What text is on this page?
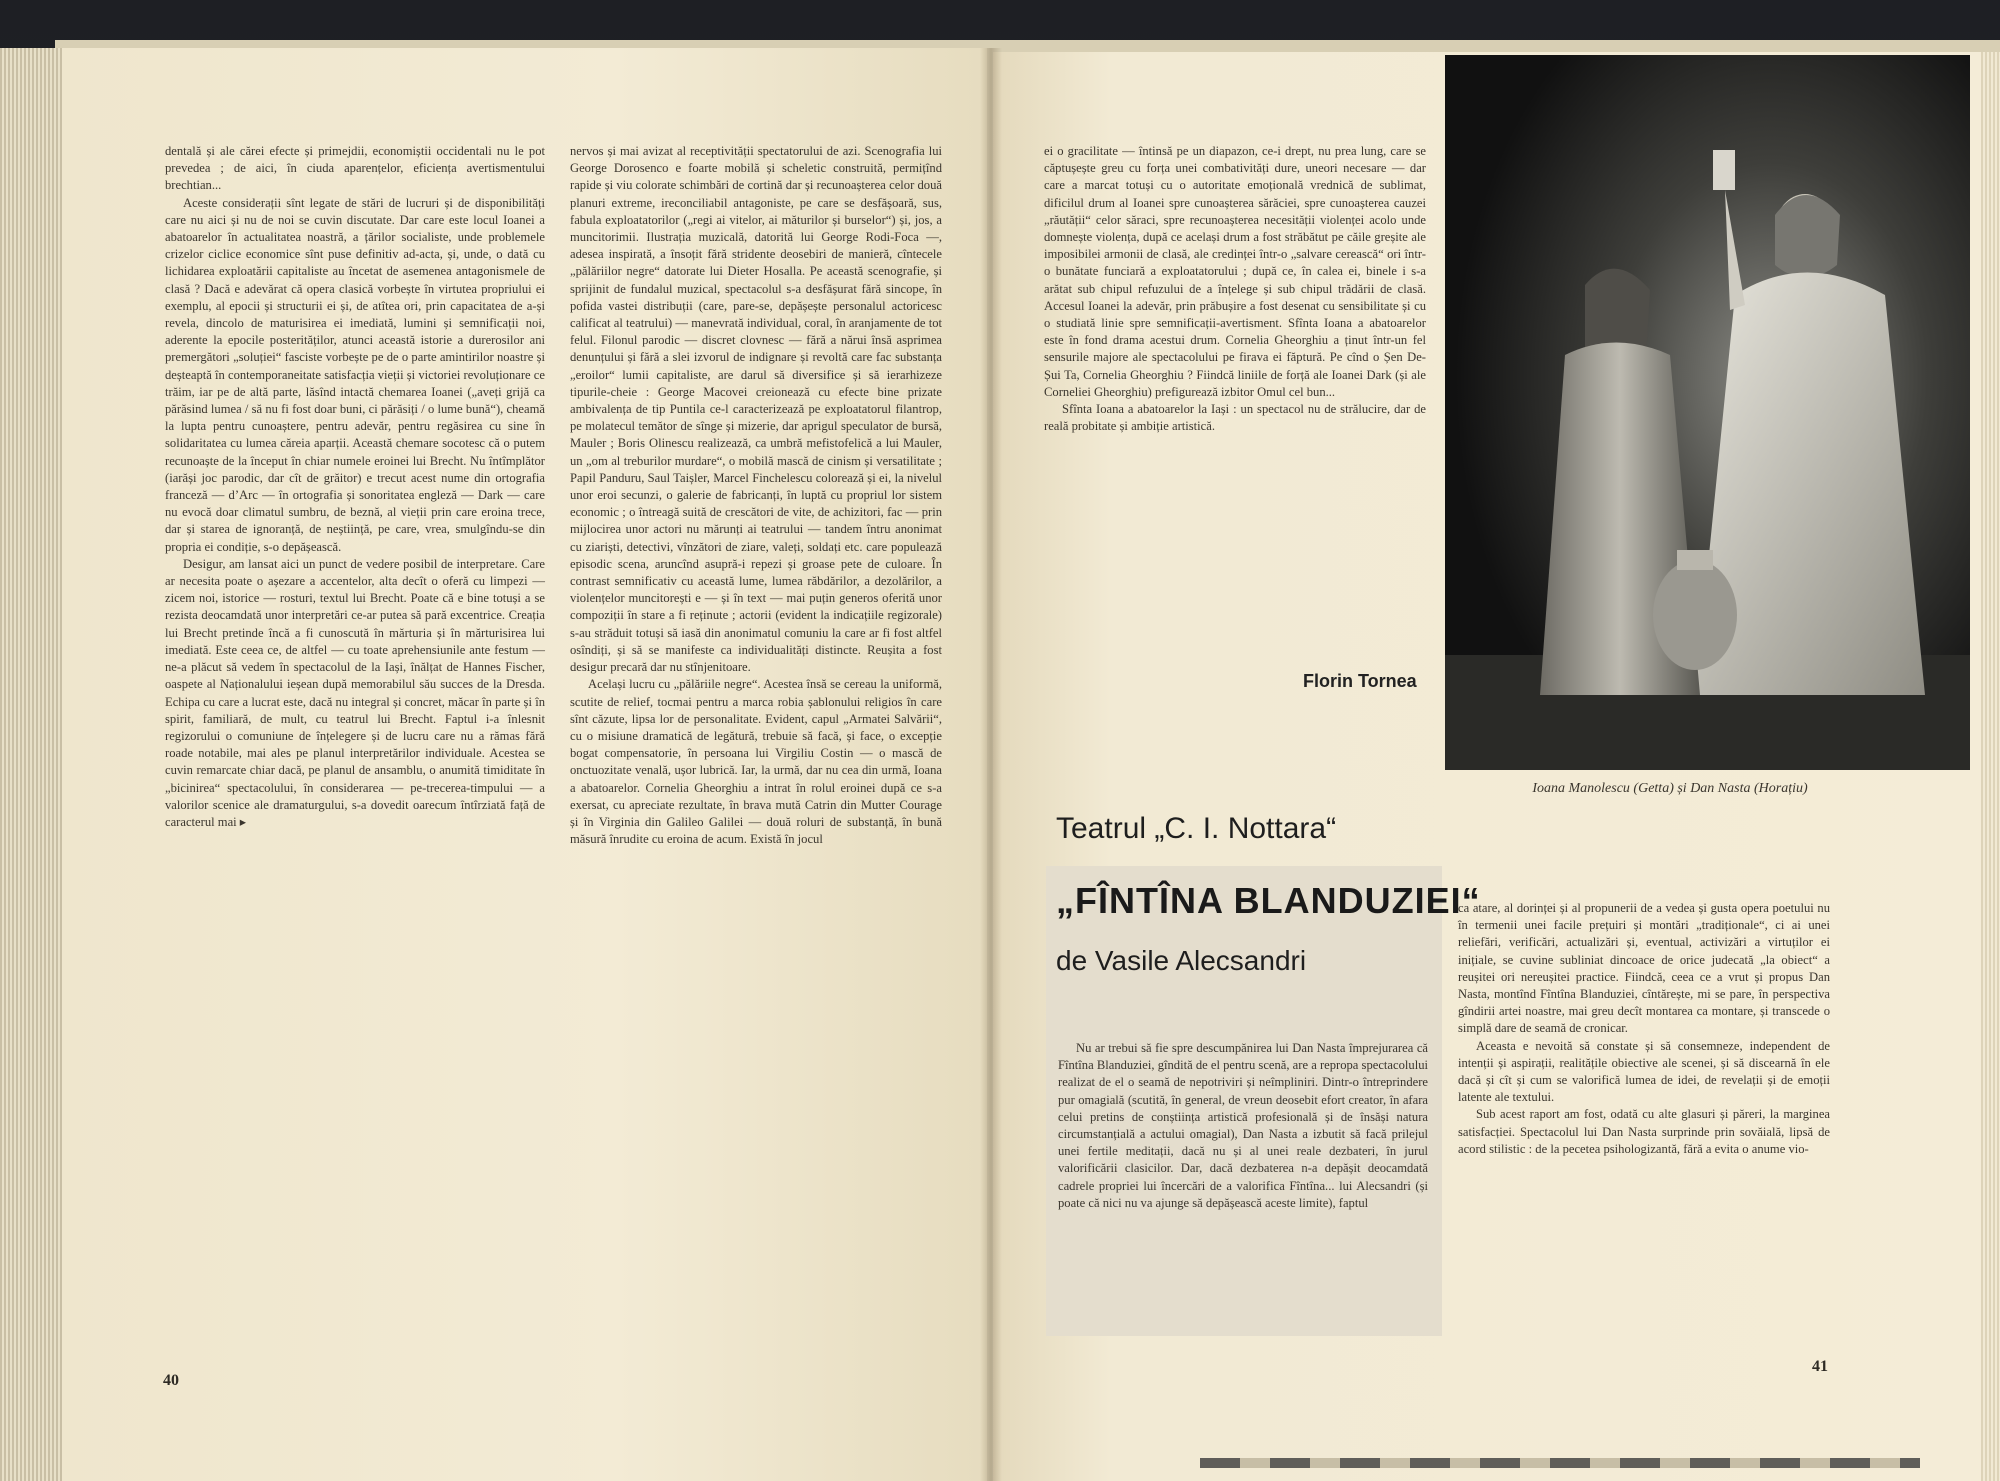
dentală și ale cărei efecte și primejdii, economiștii occidentali nu le pot prevedea ; de aici, în ciuda aparențelor, eficiența avertismentului brechtian...

Aceste considerații sînt legate de stări de lucruri și de disponibilități care nu aici și nu de noi se cuvin discutate. Dar care este locul Ioanei a abatoarelor în actualitatea noastră, a țărilor socialiste, unde problemele crizelor ciclice economice sînt puse definitiv ad-acta, și, unde, o dată cu lichidarea exploatării capitaliste au încetat de asemenea antagonismele de clasă ? Dacă e adevărat că opera clasică vorbește în virtutea propriului ei exemplu, al epocii și structurii ei și, de atîtea ori, prin capacitatea de a-și revela, dincolo de maturisirea ei imediată, lumini și semnificații noi, aderente la epocile posterităților, atunci această istorie a durerosilor ani premergători „soluției“ fasciste vorbește pe de o parte amintirilor noastre și deșteaptă în contemporaneitate satisfacția vieții și victoriei revoluționare ce trăim, iar pe de altă parte, lăsînd intactă chemarea Ioanei („aveți grijă ca părăsind lumea / să nu fi fost doar buni, ci părăsiți / o lume bună“), cheamă la lupta pentru cunoaștere, pentru adevăr, pentru regăsirea cu sine în solidaritatea cu lumea căreia aparții. Această chemare socotesc că o putem recunoaște de la început în chiar numele eroinei lui Brecht. Nu întîmplător (iarăși joc parodic, dar cît de grăitor) e trecut acest nume din ortografia franceză — d’Arc — în ortografia și sonoritatea engleză — Dark — care nu evocă doar climatul sumbru, de beznă, al vieții prin care eroina trece, dar și starea de ignoranță, de neștiință, pe care, vrea, smulgîndu-se din propria ei condiție, s-o depășească.

Desigur, am lansat aici un punct de vedere posibil de interpretare. Care ar necesita poate o așezare a accentelor, alta decît o oferă cu limpezi — zicem noi, istorice — rosturi, textul lui Brecht. Poate că e bine totuși a se rezista deocamdată unor interpretări ce-ar putea să pară excentrice. Creația lui Brecht pretinde încă a fi cunoscută în mărturia și în mărturisirea lui imediată. Este ceea ce, de altfel — cu toate aprehensiunile ante festum — ne-a plăcut să vedem în spectacolul de la Iași, înălțat de Hannes Fischer, oaspete al Naționalului ieșean după memorabilul său succes de la Dresda. Echipa cu care a lucrat este, dacă nu integral și concret, măcar în parte și în spirit, familiară, de mult, cu teatrul lui Brecht. Faptul i-a înlesnit regizorului o comuniune de înțelegere și de lucru care nu a rămas fără roade notabile, mai ales pe planul interpretărilor individuale. Acestea se cuvin remarcate chiar dacă, pe planul de ansamblu, o anumită timiditate în „bicinirea“ spectacolului, în considerarea — pe-trecerea-timpului — a valorilor scenice ale dramaturgului, s-a dovedit oarecum întîrziată față de caracterul mai ▸

nervos și mai avizat al receptivității spectatorului de azi. Scenografia lui George Dorosenco e foarte mobilă și scheletic construită, permițînd rapide și viu colorate schimbări de cortină dar și recunoașterea celor două planuri extreme, ireconciliabil antagoniste, pe care se desfășoară, sus, fabula exploatatorilor („regi ai vitelor, ai măturilor și burselor“) și, jos, a muncitorimii. Ilustrația muzicală, datorită lui George Rodi-Focа —, adesea inspirată, a însoțit fără stridente deosebiri de manieră, cîntecele „pălăriilor negre“ datorate lui Dieter Hosalla. Pe această scenografie, și sprijinit de fundalul muzical, spectacolul s-a desfășurat fără sincope, în pofida vastei distribuții (care, pare-se, depășește personalul actoricesc calificat al teatrului) — manevrată individual, coral, în aranjamente de tot felul. Filonul parodic — discret clovnesc — fără a nărui însă asprimea denunțului și fără a slei izvorul de indignare și revoltă care fac substanța „eroilor“ lumii capitaliste, are darul să diversifice și să ierarhizeze tipurile-cheie : George Macovei creionează cu efecte bine prizate ambivalența de tip Puntila ce-l caracterizează pe exploatatorul filantrop, pe molatecul temător de sînge și mizerie, dar aprigul speculator de bursă, Mauler ; Boris Olinescu realizează, ca umbră mefistofelică a lui Mauler, un „om al treburilor murdare“, o mobilă mască de cinism și versatilitate ; Papil Panduru, Saul Taișler, Marcel Finchelescu colorează și ei, la nivelul unor eroi secunzi, o galerie de fabricanți, în luptă cu propriul lor sistem economic ; o întreagă suită de crescători de vite, de achizitori, fac — prin mijlocirea unor actori nu mărunți ai teatrului — tandem întru anonimat cu ziariști, detectivi, vînzători de ziare, valeți, soldați etc. care populează episodic scena, aruncînd asupră-i repezi și groase pete de culoare. În contrast semnificativ cu această lume, lumea răbdărilor, a dezolărilor, a violențelor muncitorești e — și în text — mai puțin generos oferită unor compoziții în stare a fi reținute ; actorii (evident la indicațiile regizorale) s-au străduit totuși să iasă din anonimatul comuniu la care ar fi fost altfel osîndiți, și să se manifeste ca individualități distincte. Reușita a fost desigur precară dar nu stînjenitoare.

Același lucru cu „pălăriile negre“. Acestea însă se cereau la uniformă, scutite de relief, tocmai pentru a marca robia șablonului religios în care sînt căzute, lipsa lor de personalitate. Evident, capul „Armatei Salvării“, cu o misiune dramatică de legătură, trebuie să facă, și face, o excepție bogat compensatorie, în persoana lui Virgiliu Costin — o mască de onctuozitate venală, ușor lubrică. Iar, la urmă, dar nu cea din urmă, Ioana a abatoarelor. Cornelia Gheorghiu a intrat în rolul eroinei după ce s-a exersat, cu apreciate rezultate, în brava mută Catrin din Mutter Courage și în Virginia din Galileo Galilei — două roluri de substanță, în bună măsură înrudite cu eroina de acum. Există în jocul

40

ei o gracilitate — întinsă pe un diapazon, ce-i drept, nu prea lung, care se căptușește greu cu forța unei combativități dure, uneori necesare — dar care a marcat totuși cu o autoritate emoțională vrednică de sublimat, dificilul drum al Ioanei spre cunoașterea sărăciei, spre cunoașterea cauzei „răutății“ celor săraci, spre recunoașterea necesității violenței acolo unde domnește violența, după ce același drum a fost străbătut pe căile greșite ale imposibilei armonii de clasă, ale credinței într-o „salvare cerească“ ori într-o bunătate funciară a exploatatorului ; după ce, în calea ei, binele i s-a arătat sub chipul refuzului de a înțelege și sub chipul trădării de clasă. Accesul Ioanei la adevăr, prin prăbușire a fost desenat cu sensibilitate și cu o studiată linie spre semnificații-avertisment. Sfînta Ioana a abatoarelor este în fond drama acestui drum. Cornelia Gheorghiu a ținut într-un fel sensurile majore ale spectacolului pe firava ei făptură. Pe cînd o Șen De-Șui Ta, Cornelia Gheorghiu ? Fiindcă liniile de forță ale Ioanei Dark (și ale Corneliei Gheorghiu) prefigurează izbitor Omul cel bun...

Sfînta Ioana a abatoarelor la Iași : un spectacol nu de strălucire, dar de reală probitate și ambiție artistică.

Florin Tornea
Ioana Manolescu (Getta) și Dan Nasta (Horațiu)
Teatrul „C. I. Nottara“
„FÎNTÎNA BLANDUZIEI“
de Vasile Alecsandri

Nu ar trebui să fie spre descumpănirea lui Dan Nasta împrejurarea că Fîntîna Blanduziei, gîndită de el pentru scenă, are a repropa spectacolului realizat de el o seamă de nepotriviri și neîmpliniri. Dintr-o întreprindere pur omagială (scutită, în general, de vreun deosebit efort creator, în afara celui pretins de conștiința artistică profesională și de însăși natura circumstanțială a actului omagial), Dan Nasta a izbutit să facă prilejul unei fertile meditații, dacă nu și al unei reale dezbateri, în jurul valorificării clasicilor. Dar, dacă dezbaterea n-a depășit deocamdată cadrele propriei lui încercări de a valorifica Fîntîna... lui Alecsandri (și poate că nici nu va ajunge să depășească aceste limite), faptul

ca atare, al dorinței și al propunerii de a vedea și gusta opera poetului nu în termenii unei facile prețuiri și montări „tradiționale“, ci ai unei reliefări, verificări, actualizări și, eventual, activizări a virtuților ei inițiale, se cuvine subliniat dincoace de orice judecată „la obiect“ a reușitei ori nereușitei practice. Fiindcă, ceea ce a vrut și propus Dan Nasta, montînd Fîntîna Blanduziei, cîntărește, mi se pare, în perspectiva gîndirii artei noastre, mai greu decît montarea ca montare, și transcede o simplă dare de seamă de cronicar.

Aceasta e nevoită să constate și să consemneze, independent de intenții și aspirații, realitățile obiective ale scenei, și să discearnă în ele dacă și cît și cum se valorifică lumea de idei, de revelații și de emoții latente ale textului.

Sub acest raport am fost, odată cu alte glasuri și păreri, la marginea satisfacției. Spectacolul lui Dan Nasta surprinde prin sovăială, lipsă de acord stilistic : de la pecetea psihologizantă, fără a evita o anume vio-

41
